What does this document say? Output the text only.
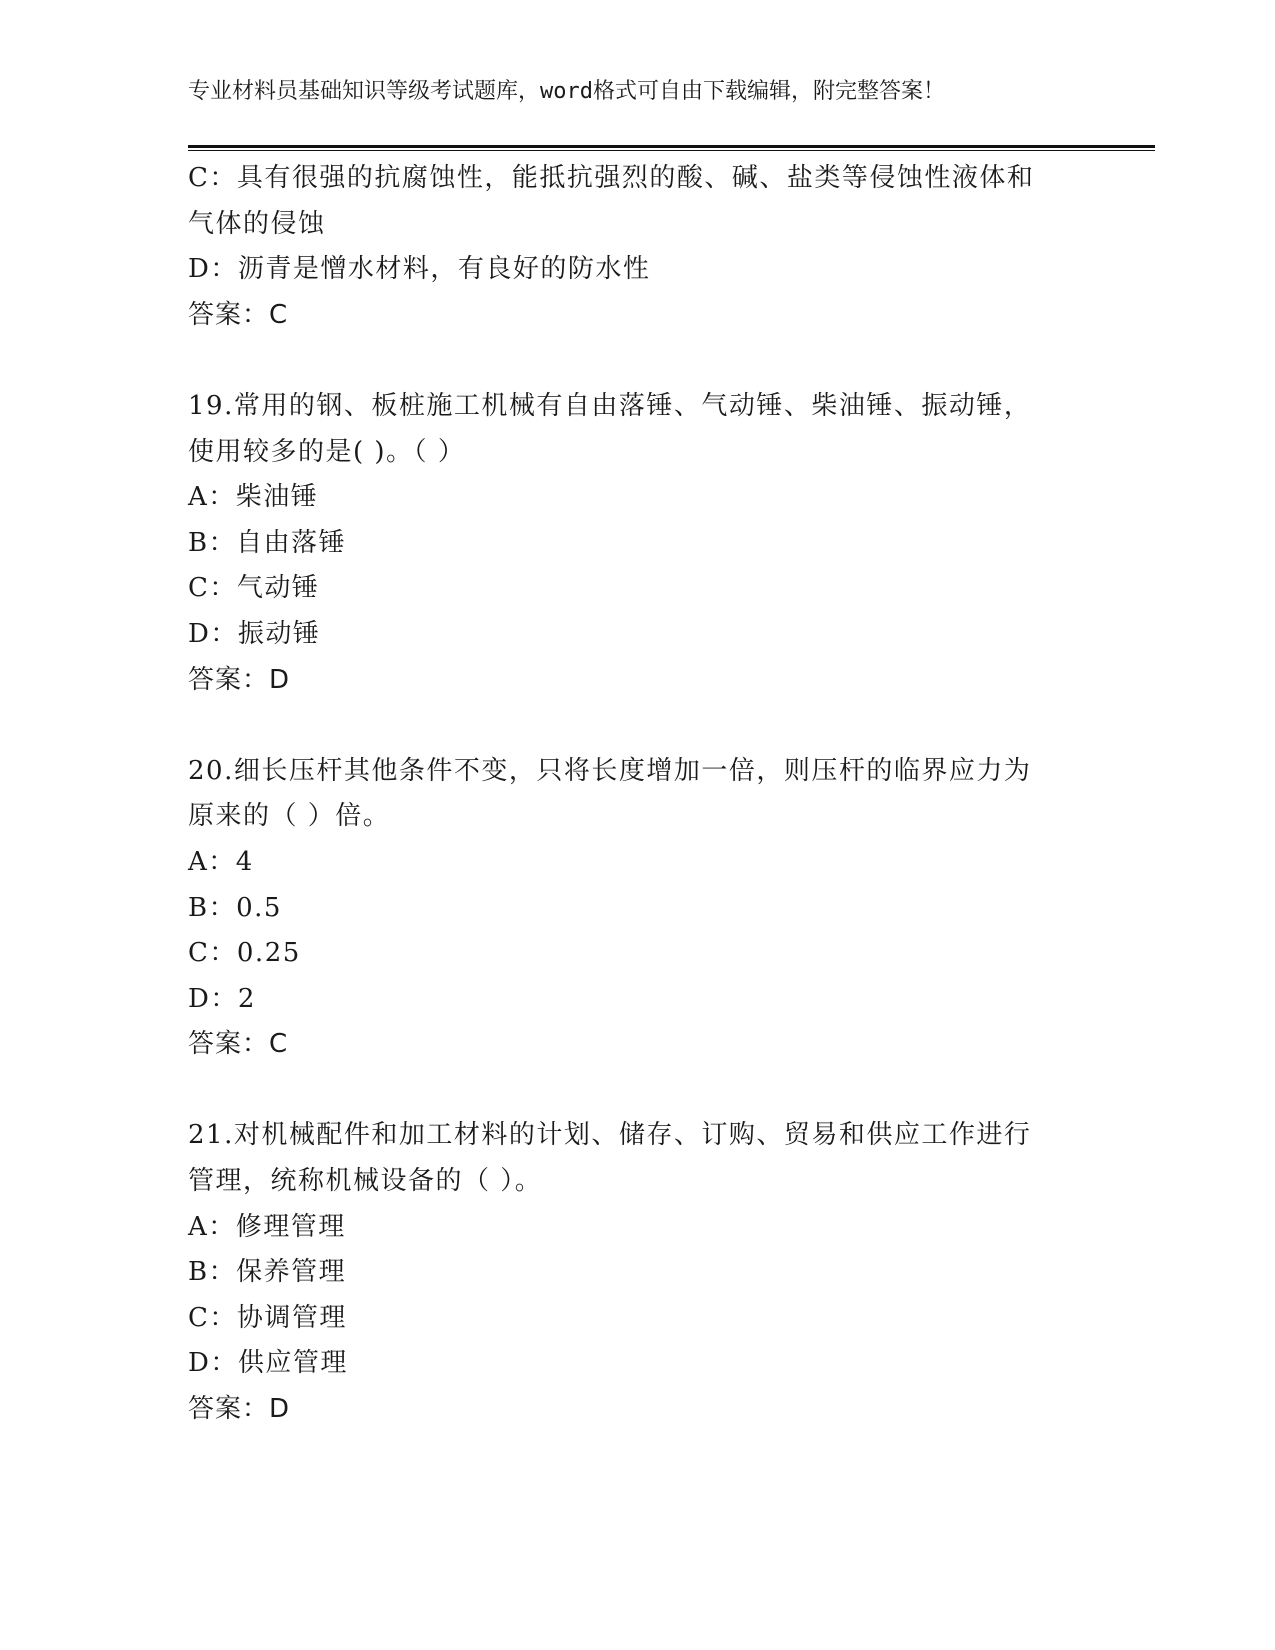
专业材料员基础知识等级考试题库，word格式可自由下载编辑，附完整答案！
C：具有很强的抗腐蚀性，能抵抗强烈的酸、碱、盐类等侵蚀性液体和
气体的侵蚀
D：沥青是憎水材料，有良好的防水性
答案：C
19.常用的钢、板桩施工机械有自由落锤、气动锤、柴油锤、振动锤，
使用较多的是( )。（ ）
A：柴油锤
B：自由落锤
C：气动锤
D：振动锤
答案：D
20.细长压杆其他条件不变，只将长度增加一倍，则压杆的临界应力为
原来的（ ）倍。
A：4
B：0.5
C：0.25
D：2
答案：C
21.对机械配件和加工材料的计划、储存、订购、贸易和供应工作进行
管理，统称机械设备的（ ）。
A：修理管理
B：保养管理
C：协调管理
D：供应管理
答案：D
